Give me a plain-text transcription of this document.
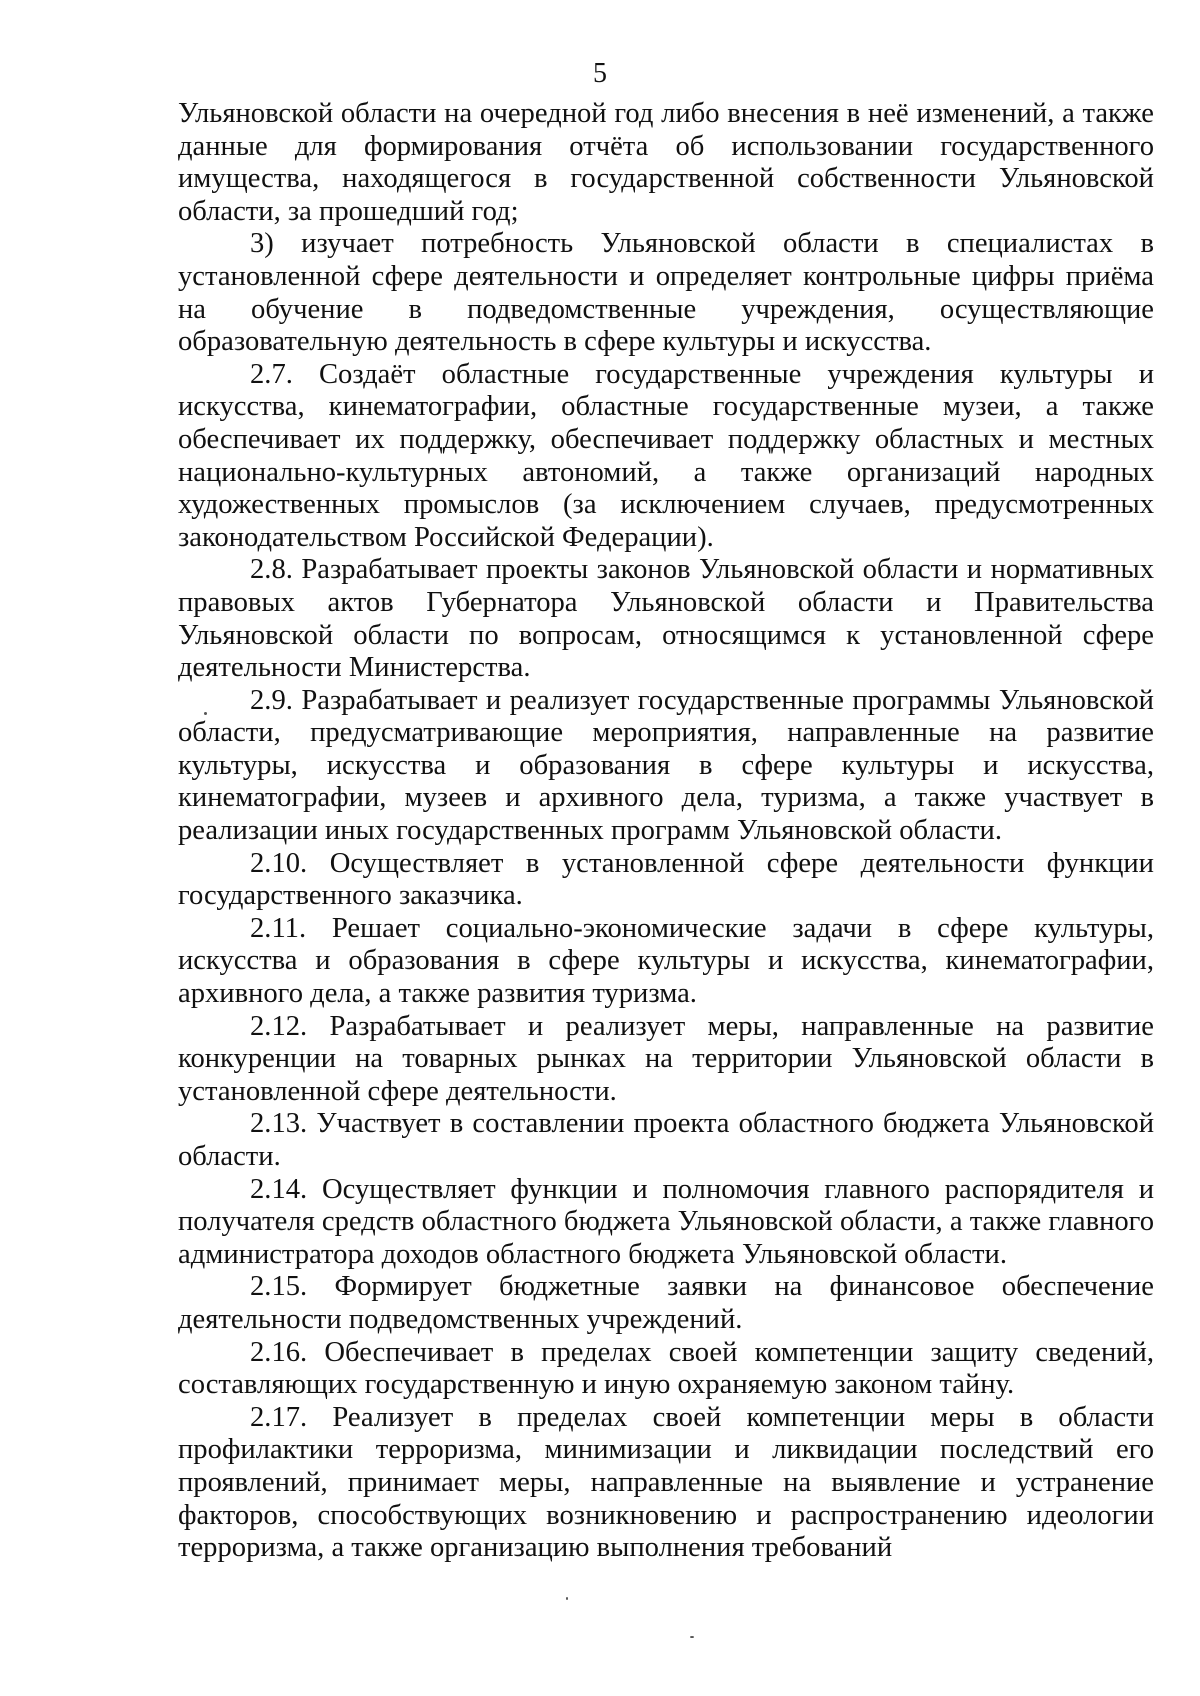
5

Ульяновской области на очередной год либо внесения в неё изменений, а также данные для формирования отчёта об использовании государственного имущества, находящегося в государственной собственности Ульяновской области, за прошедший год;

3) изучает потребность Ульяновской области в специалистах в установленной сфере деятельности и определяет контрольные цифры приёма на обучение в подведомственные учреждения, осуществляющие образовательную деятельность в сфере культуры и искусства.

2.7. Создаёт областные государственные учреждения культуры и искусства, кинематографии, областные государственные музеи, а также обеспечивает их поддержку, обеспечивает поддержку областных и местных национально-культурных автономий, а также организаций народных художественных промыслов (за исключением случаев, предусмотренных законодательством Российской Федерации).

2.8. Разрабатывает проекты законов Ульяновской области и нормативных правовых актов Губернатора Ульяновской области и Правительства Ульяновской области по вопросам, относящимся к установленной сфере деятельности Министерства.

2.9. Разрабатывает и реализует государственные программы Ульяновской области, предусматривающие мероприятия, направленные на развитие культуры, искусства и образования в сфере культуры и искусства, кинематографии, музеев и архивного дела, туризма, а также участвует в реализации иных государственных программ Ульяновской области.

2.10. Осуществляет в установленной сфере деятельности функции государственного заказчика.

2.11. Решает социально-экономические задачи в сфере культуры, искусства и образования в сфере культуры и искусства, кинематографии, архивного дела, а также развития туризма.

2.12. Разрабатывает и реализует меры, направленные на развитие конкуренции на товарных рынках на территории Ульяновской области в установленной сфере деятельности.

2.13. Участвует в составлении проекта областного бюджета Ульяновской области.

2.14. Осуществляет функции и полномочия главного распорядителя и получателя средств областного бюджета Ульяновской области, а также главного администратора доходов областного бюджета Ульяновской области.

2.15. Формирует бюджетные заявки на финансовое обеспечение деятельности подведомственных учреждений.

2.16. Обеспечивает в пределах своей компетенции защиту сведений, составляющих государственную и иную охраняемую законом тайну.

2.17. Реализует в пределах своей компетенции меры в области профилактики терроризма, минимизации и ликвидации последствий его проявлений, принимает меры, направленные на выявление и устранение факторов, способствующих возникновению и распространению идеологии терроризма, а также организацию выполнения требований
